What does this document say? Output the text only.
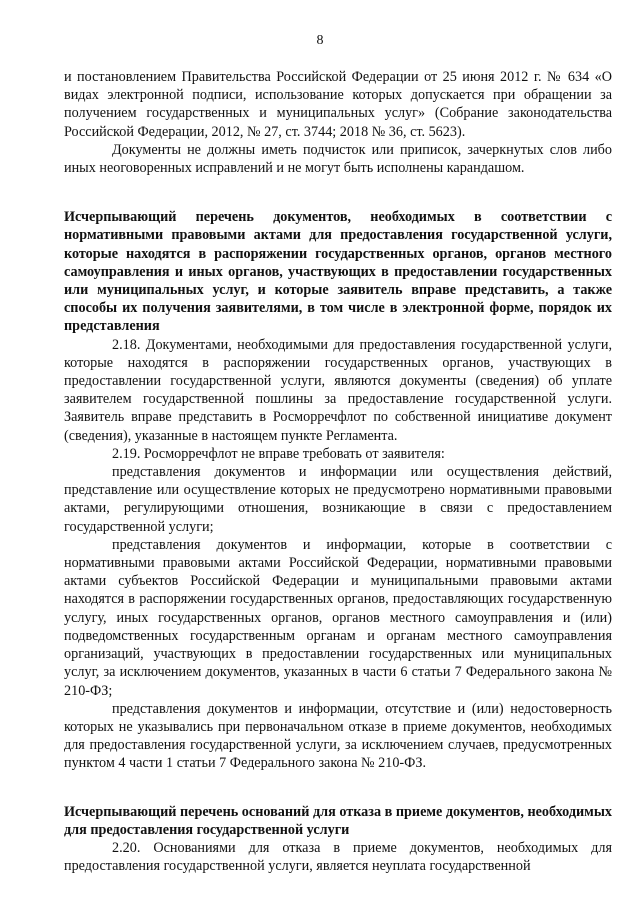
8

и постановлением Правительства Российской Федерации от 25 июня 2012 г. № 634 «О видах электронной подписи, использование которых допускается при обращении за получением государственных и муниципальных услуг» (Собрание законодательства Российской Федерации, 2012, № 27, ст. 3744; 2018 № 36, ст. 5623).

Документы не должны иметь подчисток или приписок, зачеркнутых слов либо иных неоговоренных исправлений и не могут быть исполнены карандашом.

Исчерпывающий перечень документов, необходимых в соответствии с нормативными правовыми актами для предоставления государственной услуги, которые находятся в распоряжении государственных органов, органов местного самоуправления и иных органов, участвующих в предоставлении государственных или муниципальных услуг, и которые заявитель вправе представить, а также способы их получения заявителями, в том числе в электронной форме, порядок их представления

2.18. Документами, необходимыми для предоставления государственной услуги, которые находятся в распоряжении государственных органов, участвующих в предоставлении государственной услуги, являются документы (сведения) об уплате заявителем государственной пошлины за предоставление государственной услуги. Заявитель вправе представить в Росморречфлот по собственной инициативе документ (сведения), указанные в настоящем пункте Регламента.

2.19. Росморречфлот не вправе требовать от заявителя:

представления документов и информации или осуществления действий, представление или осуществление которых не предусмотрено нормативными правовыми актами, регулирующими отношения, возникающие в связи с предоставлением государственной услуги;

представления документов и информации, которые в соответствии с нормативными правовыми актами Российской Федерации, нормативными правовыми актами субъектов Российской Федерации и муниципальными правовыми актами находятся в распоряжении государственных органов, предоставляющих государственную услугу, иных государственных органов, органов местного самоуправления и (или) подведомственных государственным органам и органам местного самоуправления организаций, участвующих в предоставлении государственных или муниципальных услуг, за исключением документов, указанных в части 6 статьи 7 Федерального закона № 210-ФЗ;

представления документов и информации, отсутствие и (или) недостоверность которых не указывались при первоначальном отказе в приеме документов, необходимых для предоставления государственной услуги, за исключением случаев, предусмотренных пунктом 4 части 1 статьи 7 Федерального закона № 210-ФЗ.

Исчерпывающий перечень оснований для отказа в приеме документов, необходимых для предоставления государственной услуги

2.20. Основаниями для отказа в приеме документов, необходимых для предоставления государственной услуги, является неуплата государственной
